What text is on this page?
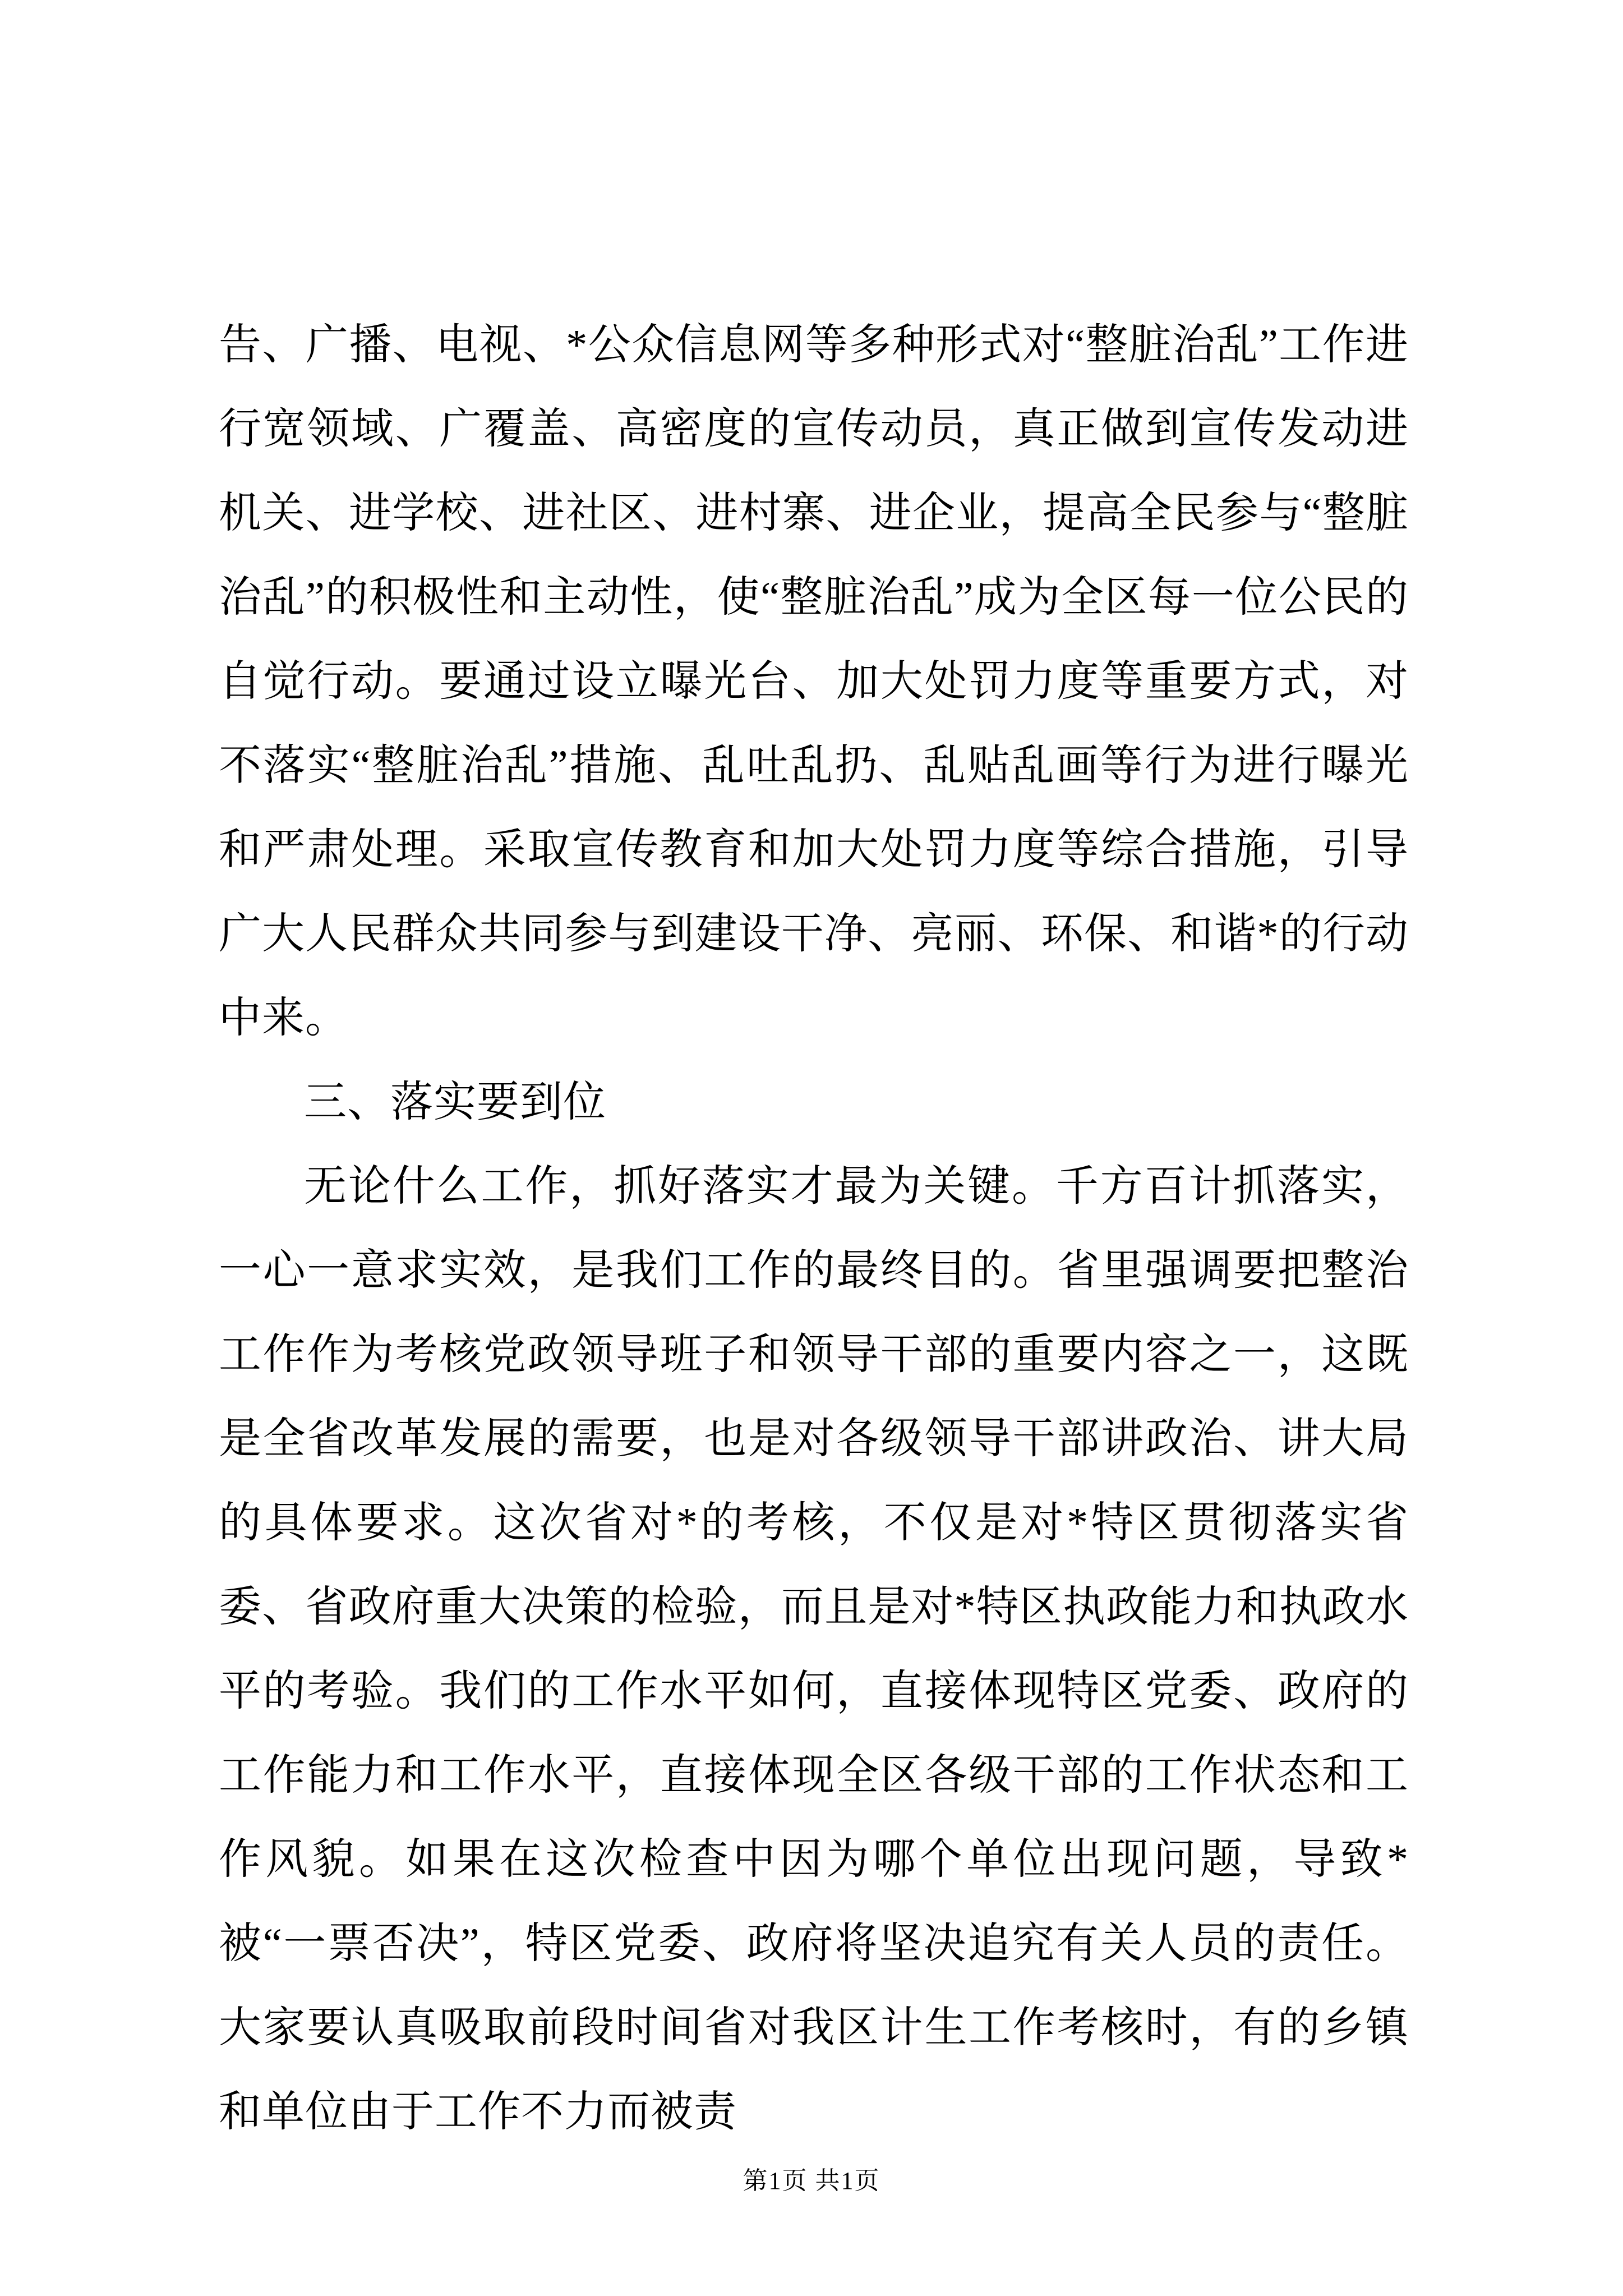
告、广播、电视、*公众信息网等多种形式对“整脏治乱”工作进行宽领域、广覆盖、高密度的宣传动员，真正做到宣传发动进机关、进学校、进社区、进村寨、进企业，提高全民参与“整脏治乱”的积极性和主动性，使“整脏治乱”成为全区每一位公民的自觉行动。要通过设立曝光台、加大处罚力度等重要方式，对不落实“整脏治乱”措施、乱吐乱扔、乱贴乱画等行为进行曝光和严肃处理。采取宣传教育和加大处罚力度等综合措施，引导广大人民群众共同参与到建设干净、亮丽、环保、和谐*的行动中来。

三、落实要到位

无论什么工作，抓好落实才最为关键。千方百计抓落实，一心一意求实效，是我们工作的最终目的。省里强调要把整治工作作为考核党政领导班子和领导干部的重要内容之一，这既是全省改革发展的需要，也是对各级领导干部讲政治、讲大局的具体要求。这次省对*的考核，不仅是对*特区贯彻落实省委、省政府重大决策的检验，而且是对*特区执政能力和执政水平的考验。我们的工作水平如何，直接体现特区党委、政府的工作能力和工作水平，直接体现全区各级干部的工作状态和工作风貌。如果在这次检查中因为哪个单位出现问题，导致*被“一票否决”，特区党委、政府将坚决追究有关人员的责任。大家要认真吸取前段时间省对我区计生工作考核时，有的乡镇和单位由于工作不力而被责

第1页 共1页
